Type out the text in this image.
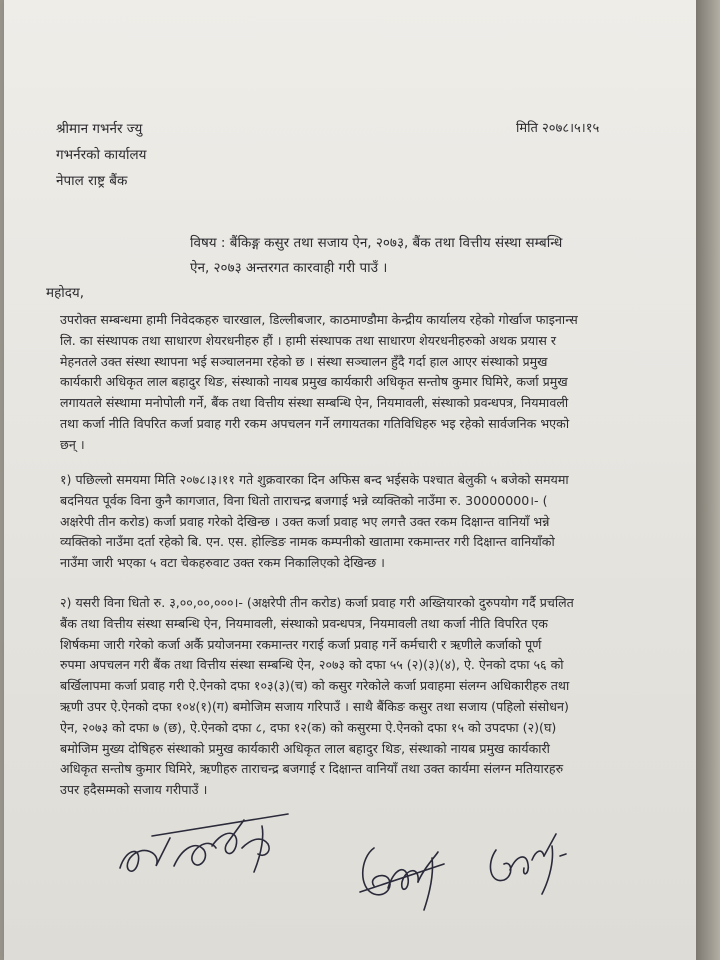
श्रीमान गभर्नर ज्यु
गभर्नरको कार्यालय
नेपाल राष्ट्र बैंक
मिति २०७८।५।१५
विषय : बैंकिङ्ग कसुर तथा सजाय ऐन, २०७३, बैंक तथा वित्तीय संस्था सम्बन्धि
ऐन, २०७३ अन्तरगत कारवाही गरी पाउँ ।
महोदय,
उपरोक्त सम्बन्धमा हामी निवेदकहरु चारखाल, डिल्लीबजार, काठमाण्डौमा केन्द्रीय कार्यालय रहेको गोर्खाज फाइनान्स
लि. का संस्थापक तथा साधारण शेयरधनीहरु हौं । हामी संस्थापक तथा साधारण शेयरधनीहरुको अथक प्रयास र
मेहनतले उक्त संस्था स्थापना भई सञ्चालनमा रहेको छ । संस्था सञ्चालन हुँदै गर्दा हाल आएर संस्थाको प्रमुख
कार्यकारी अधिकृत लाल बहादुर थिङ, संस्थाको नायब प्रमुख कार्यकारी अधिकृत सन्तोष कुमार घिमिरे, कर्जा प्रमुख
लगायतले संस्थामा मनोपोली गर्ने, बैंक तथा वित्तीय संस्था सम्बन्धि ऐन, नियमावली, संस्थाको प्रवन्धपत्र, नियमावली
तथा कर्जा नीति विपरित कर्जा प्रवाह गरी रकम अपचलन गर्ने लगायतका गतिविधिहरु भइ रहेको सार्वजनिक भएको
छन् ।
१) पछिल्लो समयमा मिति २०७८।३।११ गते शुक्रवारका दिन अफिस बन्द भईसके पश्चात बेलुकी ५ बजेको समयमा
बदनियत पूर्वक विना कुनै कागजात, विना धितो ताराचन्द्र बजगाई भन्ने व्यक्तिको नाउँमा रु. 30000000।- (
अक्षरेपी तीन करोड) कर्जा प्रवाह गरेको देखिन्छ । उक्त कर्जा प्रवाह भए लगत्तै उक्त रकम दिक्षान्त वानियाँ भन्ने
व्यक्तिको नाउँमा दर्ता रहेको बि. एन. एस. होल्डिङ नामक कम्पनीको खातामा रकमान्तर गरी दिक्षान्त वानियाँको
नाउँमा जारी भएका ५ वटा चेकहरुवाट उक्त रकम निकालिएको देखिन्छ ।
२) यसरी विना धितो रु. ३,००,००,०००।- (अक्षरेपी तीन करोड) कर्जा प्रवाह गरी अख्तियारको दुरुपयोग गर्दै प्रचलित
बैंक तथा वित्तीय संस्था सम्बन्धि ऐन, नियमावली, संस्थाको प्रवन्धपत्र, नियमावली तथा कर्जा नीति विपरित एक
शिर्षकमा जारी गरेको कर्जा अर्कै प्रयोजनमा रकमान्तर गराई कर्जा प्रवाह गर्ने कर्मचारी र ऋणीले कर्जाको पूर्ण
रुपमा अपचलन गरी बैंक तथा वित्तीय संस्था सम्बन्धि ऐन, २०७३ को दफा ५५ (२)(३)(४), ऐ. ऐनको दफा ५६ को
बर्खिलापमा कर्जा प्रवाह गरी ऐ.ऐनको दफा १०३(३)(च) को कसुर गरेकोले कर्जा प्रवाहमा संलग्न अधिकारीहरु तथा
ऋणी उपर ऐ.ऐनको दफा १०४(१)(ग) बमोजिम सजाय गरिपाउँ । साथै बैंकिङ कसुर तथा सजाय (पहिलो संसोधन)
ऐन, २०७३ को दफा ७ (छ), ऐ.ऐनको दफा ८, दफा १२(क) को कसुरमा ऐ.ऐनको दफा १५ को उपदफा (२)(घ)
बमोजिम मुख्य दोषिहरु संस्थाको प्रमुख कार्यकारी अधिकृत लाल बहादुर थिङ, संस्थाको नायब प्रमुख कार्यकारी
अधिकृत सन्तोष कुमार घिमिरे, ऋणीहरु ताराचन्द्र बजगाई र दिक्षान्त वानियाँ तथा उक्त कार्यमा संलग्न मतियारहरु
उपर हदैसम्मको सजाय गरीपाउँ ।
